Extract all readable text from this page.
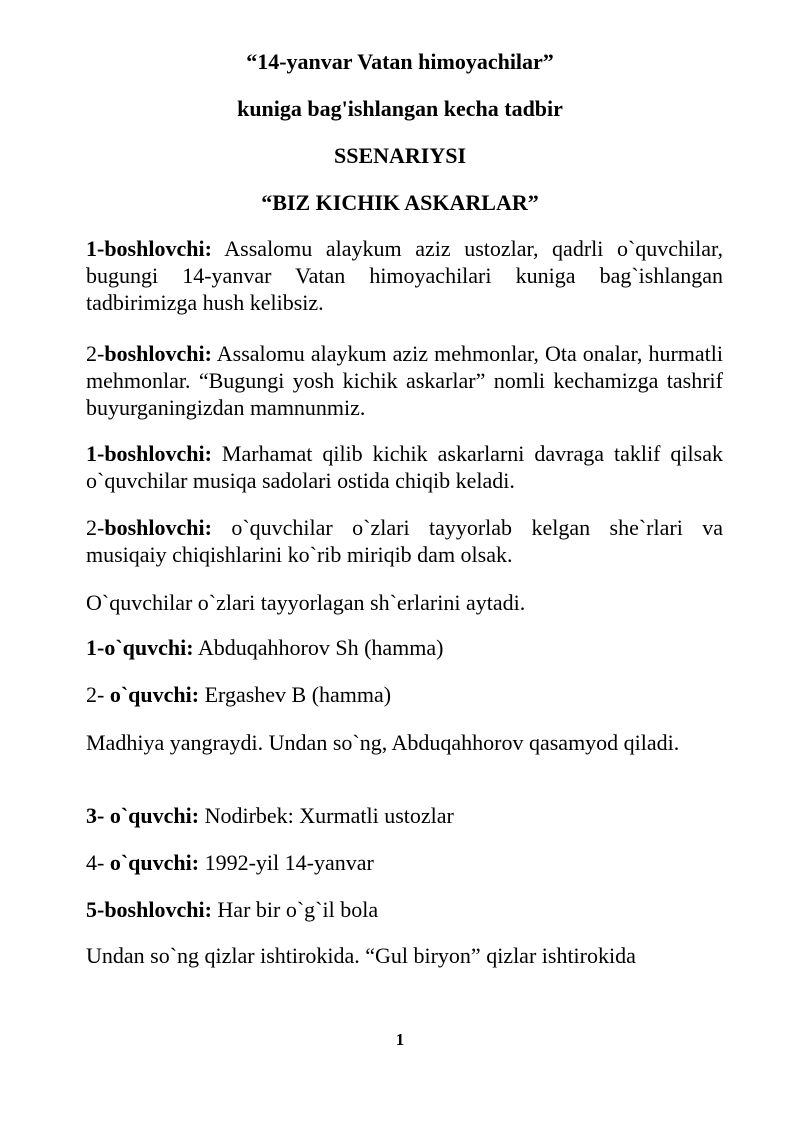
“14-yanvar Vatan himoyachilar”
kuniga bag'ishlangan kecha tadbir
SSENARIYSI
“BIZ KICHIK ASKARLAR”
1-boshlovchi: Assalomu alaykum aziz ustozlar, qadrli o`quvchilar, bugungi 14-yanvar Vatan himoyachilari kuniga bag`ishlangan tadbirimizga hush kelibsiz.
2-boshlovchi: Assalomu alaykum aziz mehmonlar, Ota onalar, hurmatli mehmonlar. “Bugungi yosh kichik askarlar” nomli kechamizga tashrif buyurganingizdan mamnunmiz.
1-boshlovchi: Marhamat qilib kichik askarlarni davraga taklif qilsak o`quvchilar musiqa sadolari ostida chiqib keladi.
2-boshlovchi: o`quvchilar o`zlari tayyorlab kelgan she`rlari va musiqaiy chiqishlarini ko`rib miriqib dam olsak.
O`quvchilar o`zlari tayyorlagan sh`erlarini aytadi.
1-o`quvchi: Abduqahhorov Sh (hamma)
2- o`quvchi: Ergashev B (hamma)
Madhiya yangraydi. Undan so`ng, Abduqahhorov qasamyod qiladi.
3- o`quvchi: Nodirbek: Xurmatli ustozlar
4- o`quvchi: 1992-yil 14-yanvar
5-boshlovchi: Har bir o`g`il bola
Undan so`ng qizlar ishtirokida. “Gul biryon” qizlar ishtirokida
1
